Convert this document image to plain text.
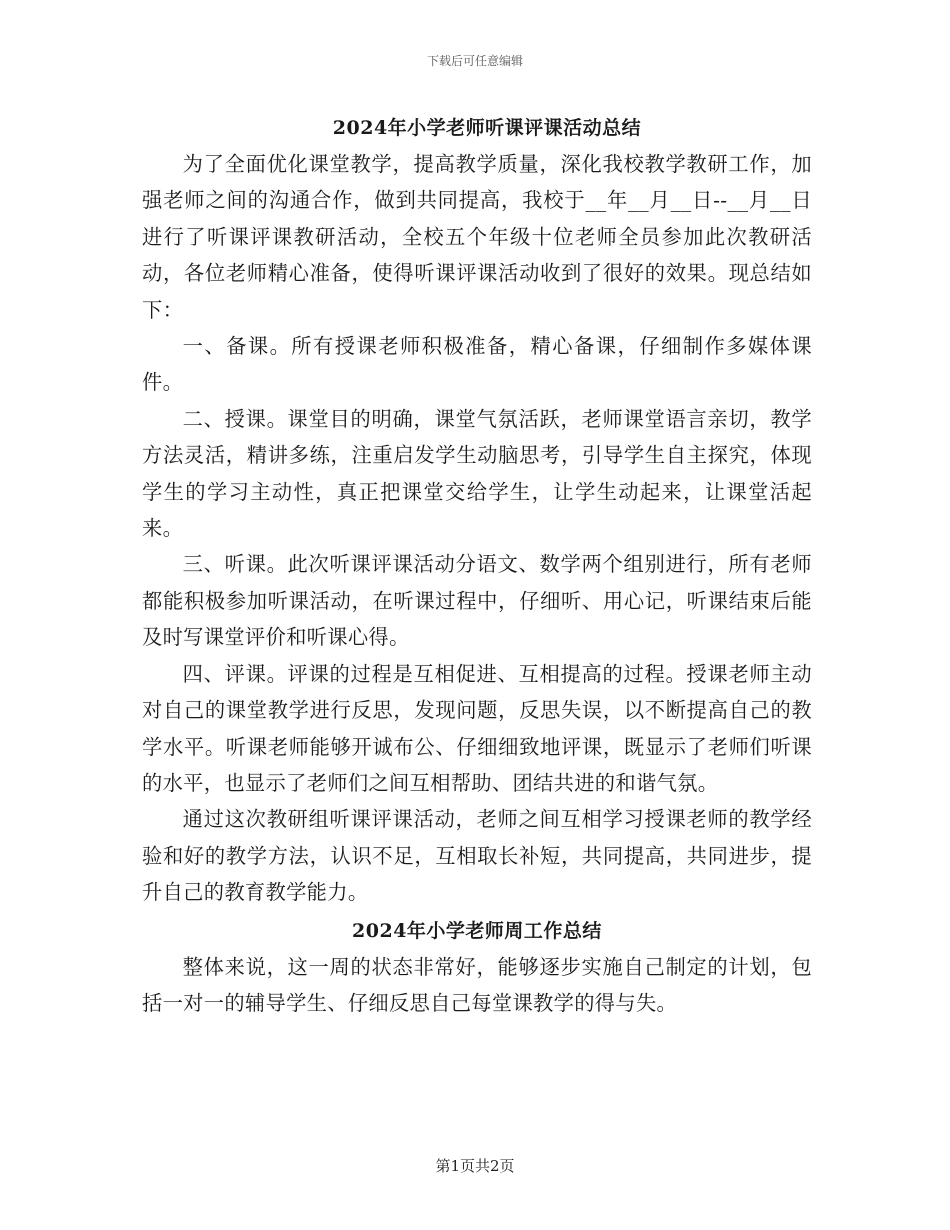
下载后可任意编辑
2024年小学老师听课评课活动总结

为了全面优化课堂教学，提高教学质量，深化我校教学教研工作，加强老师之间的沟通合作，做到共同提高，我校于__年__月__日--__月__日进行了听课评课教研活动，全校五个年级十位老师全员参加此次教研活动，各位老师精心准备，使得听课评课活动收到了很好的效果。现总结如下：

一、备课。所有授课老师积极准备，精心备课，仔细制作多媒体课件。

二、授课。课堂目的明确，课堂气氛活跃，老师课堂语言亲切，教学方法灵活，精讲多练，注重启发学生动脑思考，引导学生自主探究，体现学生的学习主动性，真正把课堂交给学生，让学生动起来，让课堂活起来。

三、听课。此次听课评课活动分语文、数学两个组别进行，所有老师都能积极参加听课活动，在听课过程中，仔细听、用心记，听课结束后能及时写课堂评价和听课心得。

四、评课。评课的过程是互相促进、互相提高的过程。授课老师主动对自己的课堂教学进行反思，发现问题，反思失误，以不断提高自己的教学水平。听课老师能够开诚布公、仔细细致地评课，既显示了老师们听课的水平，也显示了老师们之间互相帮助、团结共进的和谐气氛。

通过这次教研组听课评课活动，老师之间互相学习授课老师的教学经验和好的教学方法，认识不足，互相取长补短，共同提高，共同进步，提升自己的教育教学能力。

2024年小学老师周工作总结

整体来说，这一周的状态非常好，能够逐步实施自己制定的计划，包括一对一的辅导学生、仔细反思自己每堂课教学的得与失。

第1页共2页
